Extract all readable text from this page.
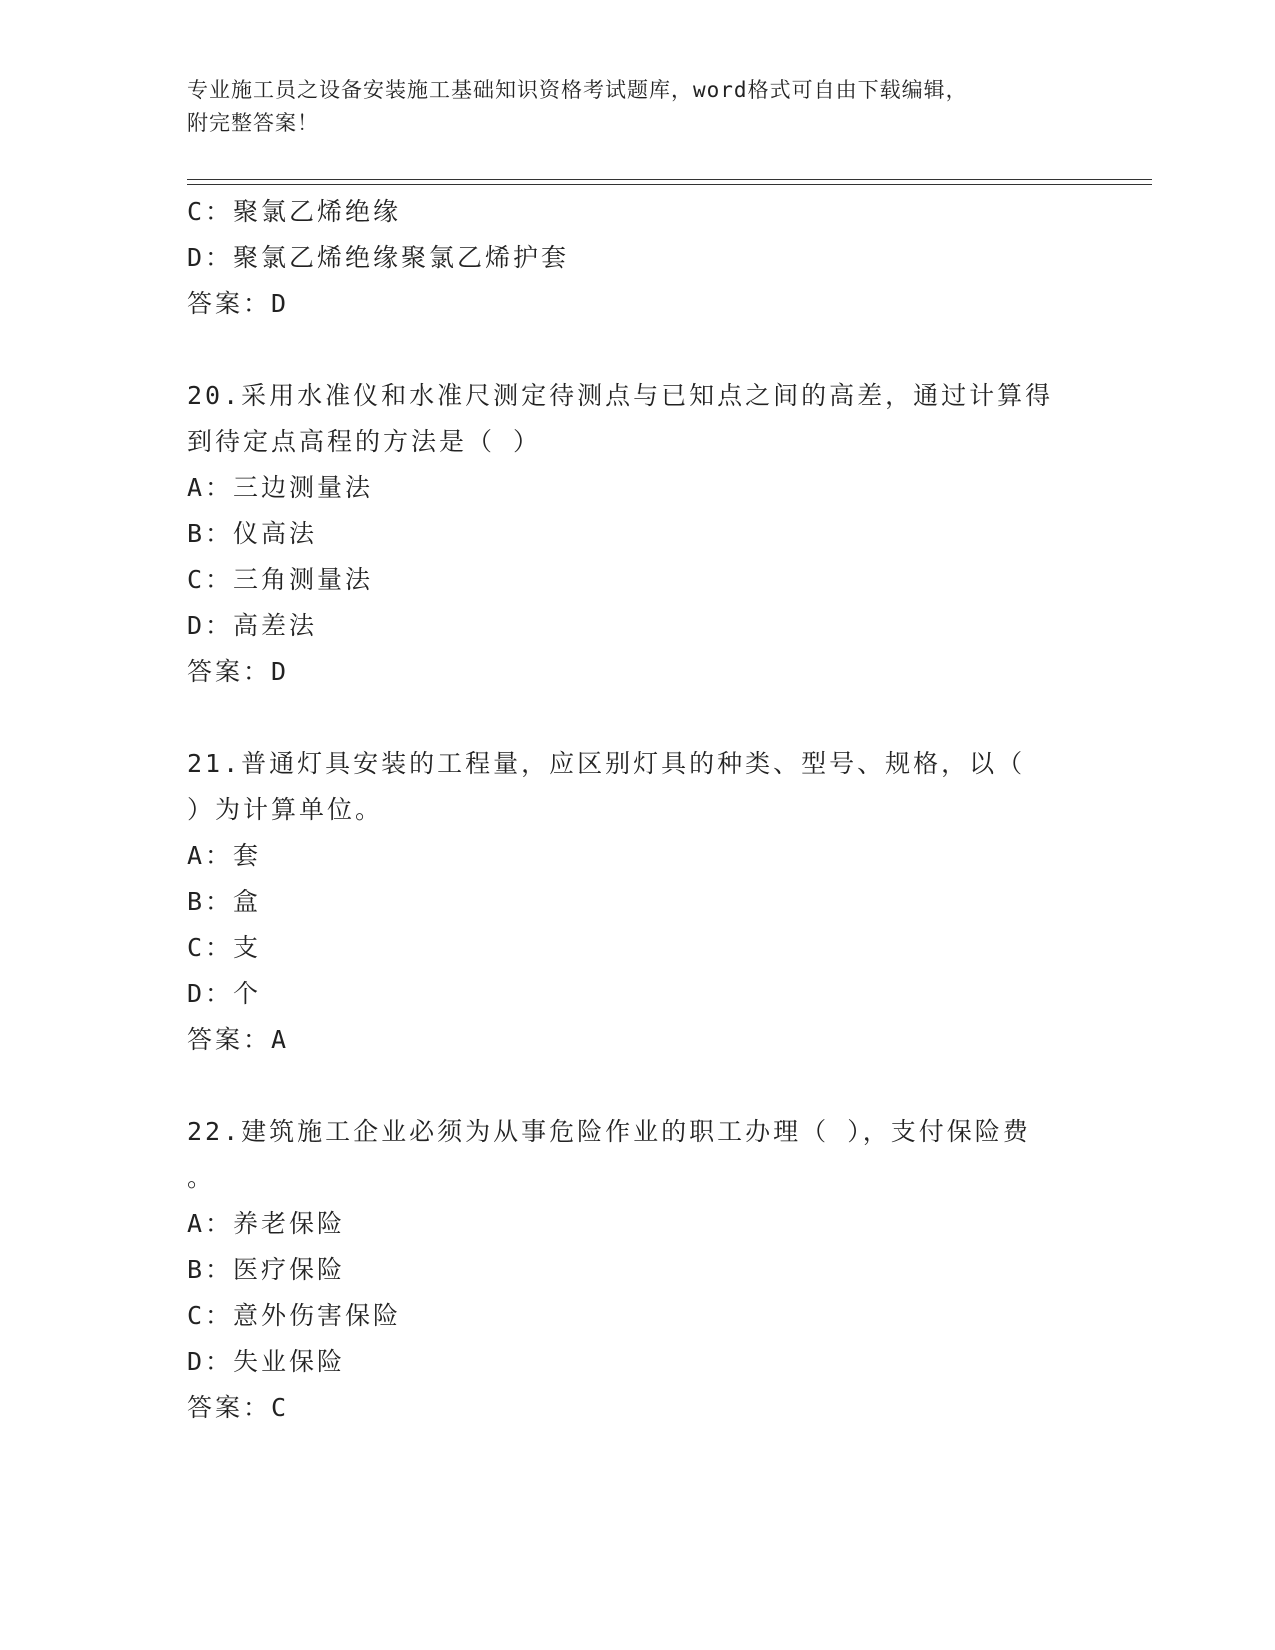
专业施工员之设备安装施工基础知识资格考试题库，word格式可自由下载编辑，
附完整答案！
C：聚氯乙烯绝缘
D：聚氯乙烯绝缘聚氯乙烯护套
答案：D
20.采用水准仪和水准尺测定待测点与已知点之间的高差，通过计算得
到待定点高程的方法是（ ）
A：三边测量法
B：仪高法
C：三角测量法
D：高差法
答案：D
21.普通灯具安装的工程量，应区别灯具的种类、型号、规格，以（
）为计算单位。
A：套
B：盒
C：支
D：个
答案：A
22.建筑施工企业必须为从事危险作业的职工办理（ ），支付保险费
。
A：养老保险
B：医疗保险
C：意外伤害保险
D：失业保险
答案：C
